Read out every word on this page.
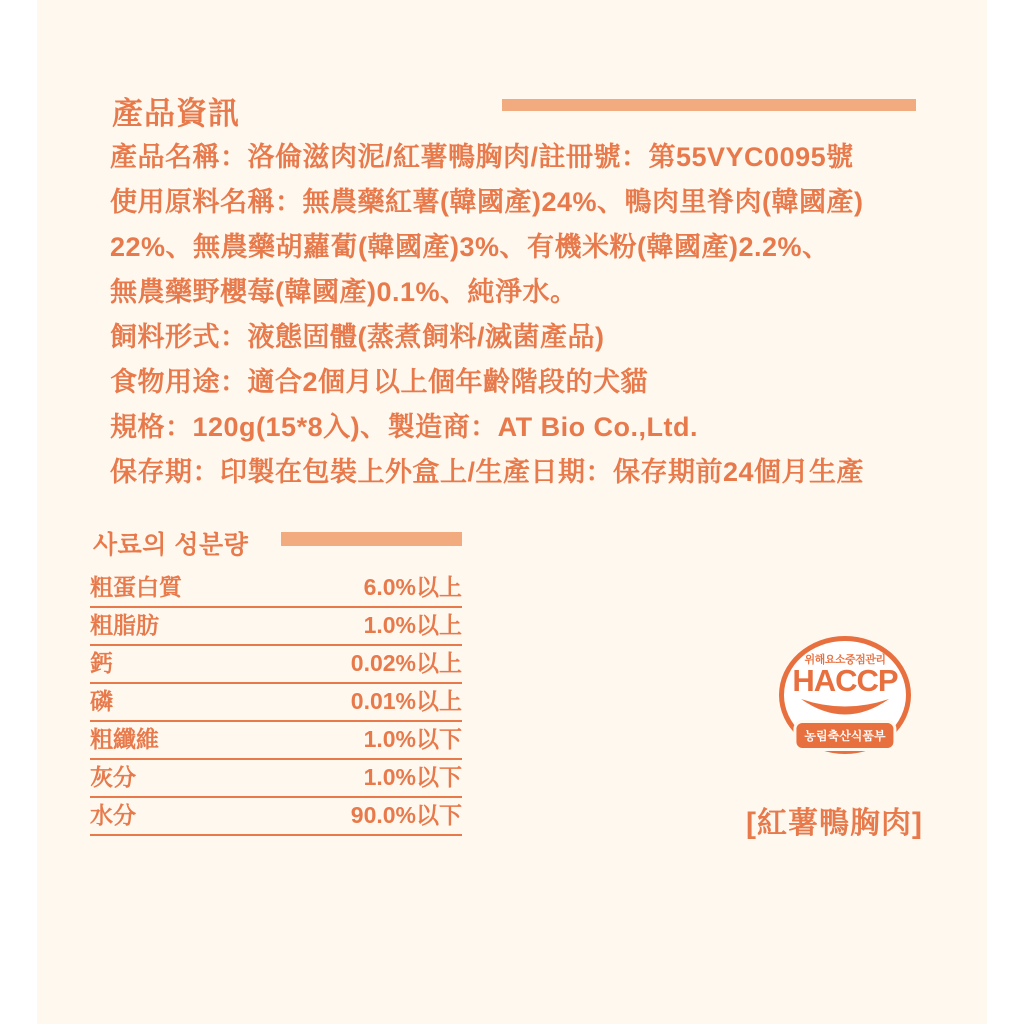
產品資訊
產品名稱：洛倫滋肉泥/紅薯鴨胸肉/註冊號：第55VYC0095號
使用原料名稱：無農藥紅薯(韓國產)24%、鴨肉里脊肉(韓國產)
22%、無農藥胡蘿蔔(韓國產)3%、有機米粉(韓國產)2.2%、
無農藥野櫻莓(韓國產)0.1%、純淨水。
飼料形式：液態固體(蒸煮飼料/滅菌產品)
食物用途：適合2個月以上個年齡階段的犬貓
規格：120g(15*8入)、製造商：AT Bio Co.,Ltd.
保存期：印製在包裝上外盒上/生產日期：保存期前24個月生產
사료의 성분량
粗蛋白質	6.0%以上
粗脂肪	1.0%以上
鈣	0.02%以上
磷	0.01%以上
粗纖維	1.0%以下
灰分	1.0%以下
水分	90.0%以下
위해요소중점관리
HACCP
농림축산식품부
[紅薯鴨胸肉]
